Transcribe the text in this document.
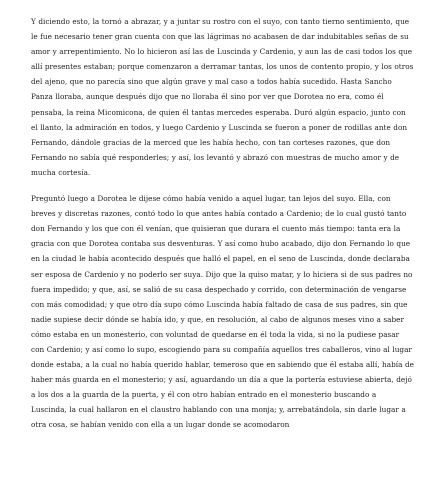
Y diciendo esto, la tornó a abrazar, y a juntar su rostro con el suyo, con tanto tierno sentimiento, que le fue necesario tener gran cuenta con que las lágrimas no acabasen de dar indubitables señas de su amor y arrepentimiento. No lo hicieron así las de Luscinda y Cardenio, y aun las de casi todos los que allí presentes estaban; porque comenzaron a derramar tantas, los unos de contento propio, y los otros del ajeno, que no parecía sino que algún grave y mal caso a todos había sucedido. Hasta Sancho Panza lloraba, aunque después dijo que no lloraba él sino por ver que Dorotea no era, como él pensaba, la reina Micomicona, de quien él tantas mercedes esperaba. Duró algún espacio, junto con el llanto, la admiración en todos, y luego Cardenio y Luscinda se fueron a poner de rodillas ante don Fernando, dándole gracias de la merced que les había hecho, con tan corteses razones, que don Fernando no sabía qué responderles; y así, los levantó y abrazó con muestras de mucho amor y de mucha cortesía.

Preguntó luego a Dorotea le dijese cómo había venido a aquel lugar, tan lejos del suyo. Ella, con breves y discretas razones, contó todo lo que antes había contado a Cardenio; de lo cual gustó tanto don Fernando y los que con él venían, que quisieran que durara el cuento más tiempo: tanta era la gracia con que Dorotea contaba sus desventuras. Y así como hubo acabado, dijo don Fernando lo que en la ciudad le había acontecido después que halló el papel, en el seno de Luscinda, donde declaraba ser esposa de Cardenio y no poderlo ser suya. Dijo que la quiso matar, y lo hiciera si de sus padres no fuera impedido; y que, así, se salió de su casa despechado y corrido, con determinación de vengarse con más comodidad; y que otro día supo cómo Luscinda había faltado de casa de sus padres, sin que nadie supiese decir dónde se había ido, y que, en resolución, al cabo de algunos meses vino a saber cómo estaba en un monesterio, con voluntad de quedarse en él toda la vida, si no la pudiese pasar con Cardenio; y así como lo supo, escogiendo para su compañía aquellos tres caballeros, vino al lugar donde estaba, a la cual no había querido hablar, temeroso que en sabiendo que él estaba allí, había de haber más guarda en el monesterio; y así, aguardando un día a que la portería estuviese abierta, dejó a los dos a la guarda de la puerta, y él con otro habían entrado en el monesterio buscando a Luscinda, la cual hallaron en el claustro hablando con una monja; y, arrebatándola, sin darle lugar a otra cosa, se habían venido con ella a un lugar donde se acomodaron
